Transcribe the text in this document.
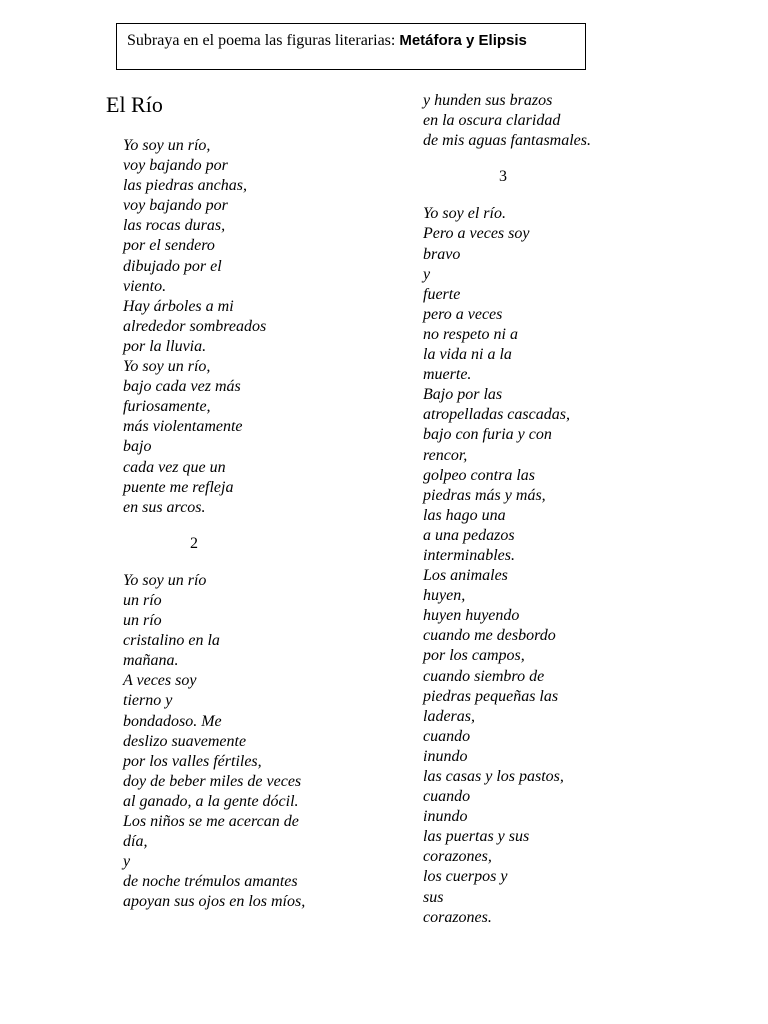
Subraya en el poema las figuras literarias: Metáfora y Elipsis
El Río
Yo soy un río,
voy bajando por
las piedras anchas,
voy bajando por
las rocas duras,
por el sendero
dibujado por el
viento.
Hay árboles a mi
alrededor sombreados
por la lluvia.
Yo soy un río,
bajo cada vez más
furiosamente,
más violentamente
bajo
cada vez que un
puente me refleja
en sus arcos.
2
Yo soy un río
un río
un río
cristalino en la
mañana.
A veces soy
tierno y
bondadoso. Me
deslizo suavemente
por los valles fértiles,
doy de beber miles de veces
al ganado, a la gente dócil.
Los niños se me acercan de
día,
y
de noche trémulos amantes
apoyan sus ojos en los míos,
y hunden sus brazos
en la oscura claridad
de mis aguas fantasmales.
3
Yo soy el río.
Pero a veces soy
bravo
y
fuerte
pero a veces
no respeto ni a
la vida ni a la
muerte.
Bajo por las
atropelladas cascadas,
bajo con furia y con
rencor,
golpeo contra las
piedras más y más,
las hago una
a una pedazos
interminables.
Los animales
huyen,
huyen huyendo
cuando me desbordo
por los campos,
cuando siembro de
piedras pequeñas las
laderas,
cuando
inundo
las casas y los pastos,
cuando
inundo
las puertas y sus
corazones,
los cuerpos y
sus
corazones.
